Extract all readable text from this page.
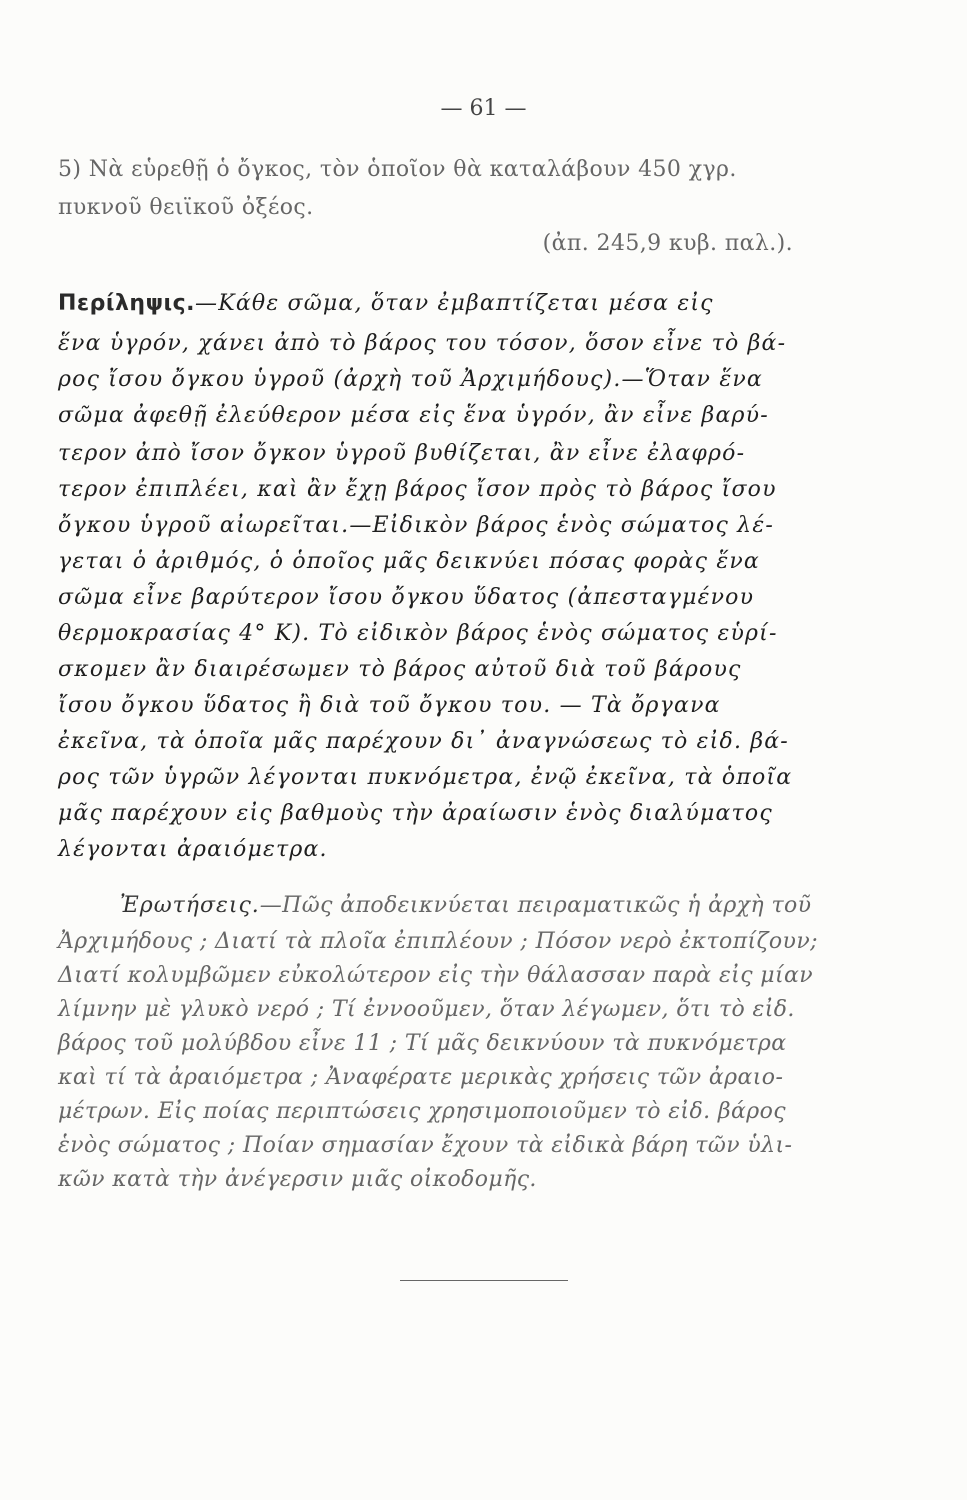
— 61 —
5) Νὰ εὑρεθῇ ὁ ὄγκος, τὸν ὁποῖον θὰ καταλάβουν 450 χγρ.
πυκνοῦ θειϊκοῦ ὀξέος.
(ἀπ. 245,9 κυβ. παλ.).
Περίληψις.—Κάθε σῶμα, ὅταν ἐμβαπτίζεται μέσα εἰς
ἕνα ὑγρόν, χάνει ἀπὸ τὸ βάρος του τόσον, ὅσον εἶνε τὸ βά-
ρος ἴσου ὄγκου ὑγροῦ (ἀρχὴ τοῦ Ἀρχιμήδους).—Ὅταν ἕνα
σῶμα ἀφεθῇ ἐλεύθερον μέσα εἰς ἕνα ὑγρόν, ἂν εἶνε βαρύ-
τερον ἀπὸ ἴσον ὄγκον ὑγροῦ βυθίζεται, ἂν εἶνε ἐλαφρό-
τερον ἐπιπλέει, καὶ ἂν ἔχῃ βάρος ἴσον πρὸς τὸ βάρος ἴσου
ὄγκου ὑγροῦ αἰωρεῖται.—Εἰδικὸν βάρος ἑνὸς σώματος λέ-
γεται ὁ ἀριθμός, ὁ ὁποῖος μᾶς δεικνύει πόσας φορὰς ἕνα
σῶμα εἶνε βαρύτερον ἴσου ὄγκου ὕδατος (ἀπεσταγμένου
θερμοκρασίας 4° Κ). Τὸ εἰδικὸν βάρος ἑνὸς σώματος εὑρί-
σκομεν ἂν διαιρέσωμεν τὸ βάρος αὐτοῦ διὰ τοῦ βάρους
ἴσου ὄγκου ὕδατος ἢ διὰ τοῦ ὄγκου του. — Τὰ ὄργανα
ἐκεῖνα, τὰ ὁποῖα μᾶς παρέχουν δι᾽ ἀναγνώσεως τὸ εἰδ. βά-
ρος τῶν ὑγρῶν λέγονται πυκνόμετρα, ἐνῷ ἐκεῖνα, τὰ ὁποῖα
μᾶς παρέχουν εἰς βαθμοὺς τὴν ἀραίωσιν ἑνὸς διαλύματος
λέγονται ἀραιόμετρα.
Ἐρωτήσεις.—Πῶς ἀποδεικνύεται πειραματικῶς ἡ ἀρχὴ τοῦ
Ἀρχιμήδους ; Διατί τὰ πλοῖα ἐπιπλέουν ; Πόσον νερὸ ἐκτοπίζουν;
Διατί κολυμβῶμεν εὐκολώτερον εἰς τὴν θάλασσαν παρὰ εἰς μίαν
λίμνην μὲ γλυκὸ νερό ; Τί ἐννοοῦμεν, ὅταν λέγωμεν, ὅτι τὸ εἰδ.
βάρος τοῦ μολύβδου εἶνε 11 ; Τί μᾶς δεικνύουν τὰ πυκνόμετρα
καὶ τί τὰ ἀραιόμετρα ; Ἀναφέρατε μερικὰς χρήσεις τῶν ἀραιο-
μέτρων. Εἰς ποίας περιπτώσεις χρησιμοποιοῦμεν τὸ εἰδ. βάρος
ἑνὸς σώματος ; Ποίαν σημασίαν ἔχουν τὰ εἰδικὰ βάρη τῶν ὑλι-
κῶν κατὰ τὴν ἀνέγερσιν μιᾶς οἰκοδομῆς.
